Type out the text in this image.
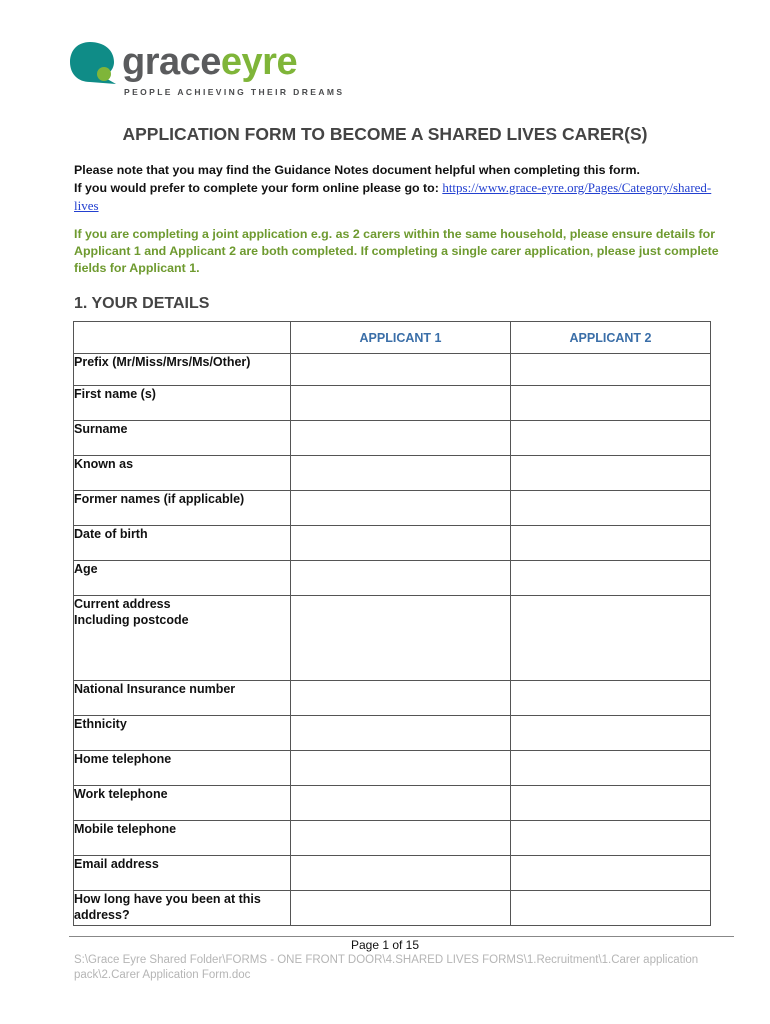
graceeyre
PEOPLE ACHIEVING THEIR DREAMS
APPLICATION FORM TO BECOME A SHARED LIVES CARER(S)
Please note that you may find the Guidance Notes document helpful when completing this form.
If you would prefer to complete your form online please go to: https://www.grace-eyre.org/Pages/Category/shared-lives
If you are completing a joint application e.g. as 2 carers within the same household, please ensure details for Applicant 1 and Applicant 2 are both completed. If completing a single carer application, please just complete fields for Applicant 1.
1. YOUR DETAILS
	APPLICANT 1	APPLICANT 2
Prefix (Mr/Miss/Mrs/Ms/Other)		
First name (s)		
Surname		
Known as		
Former names (if applicable)		
Date of birth		
Age		
Current address
Including postcode		
National Insurance number		
Ethnicity		
Home telephone		
Work telephone		
Mobile telephone		
Email address		
How long have you been at this address?		
Page 1 of 15
S:\Grace Eyre Shared Folder\FORMS - ONE FRONT DOOR\4.SHARED LIVES FORMS\1.Recruitment\1.Carer application pack\2.Carer Application Form.doc
